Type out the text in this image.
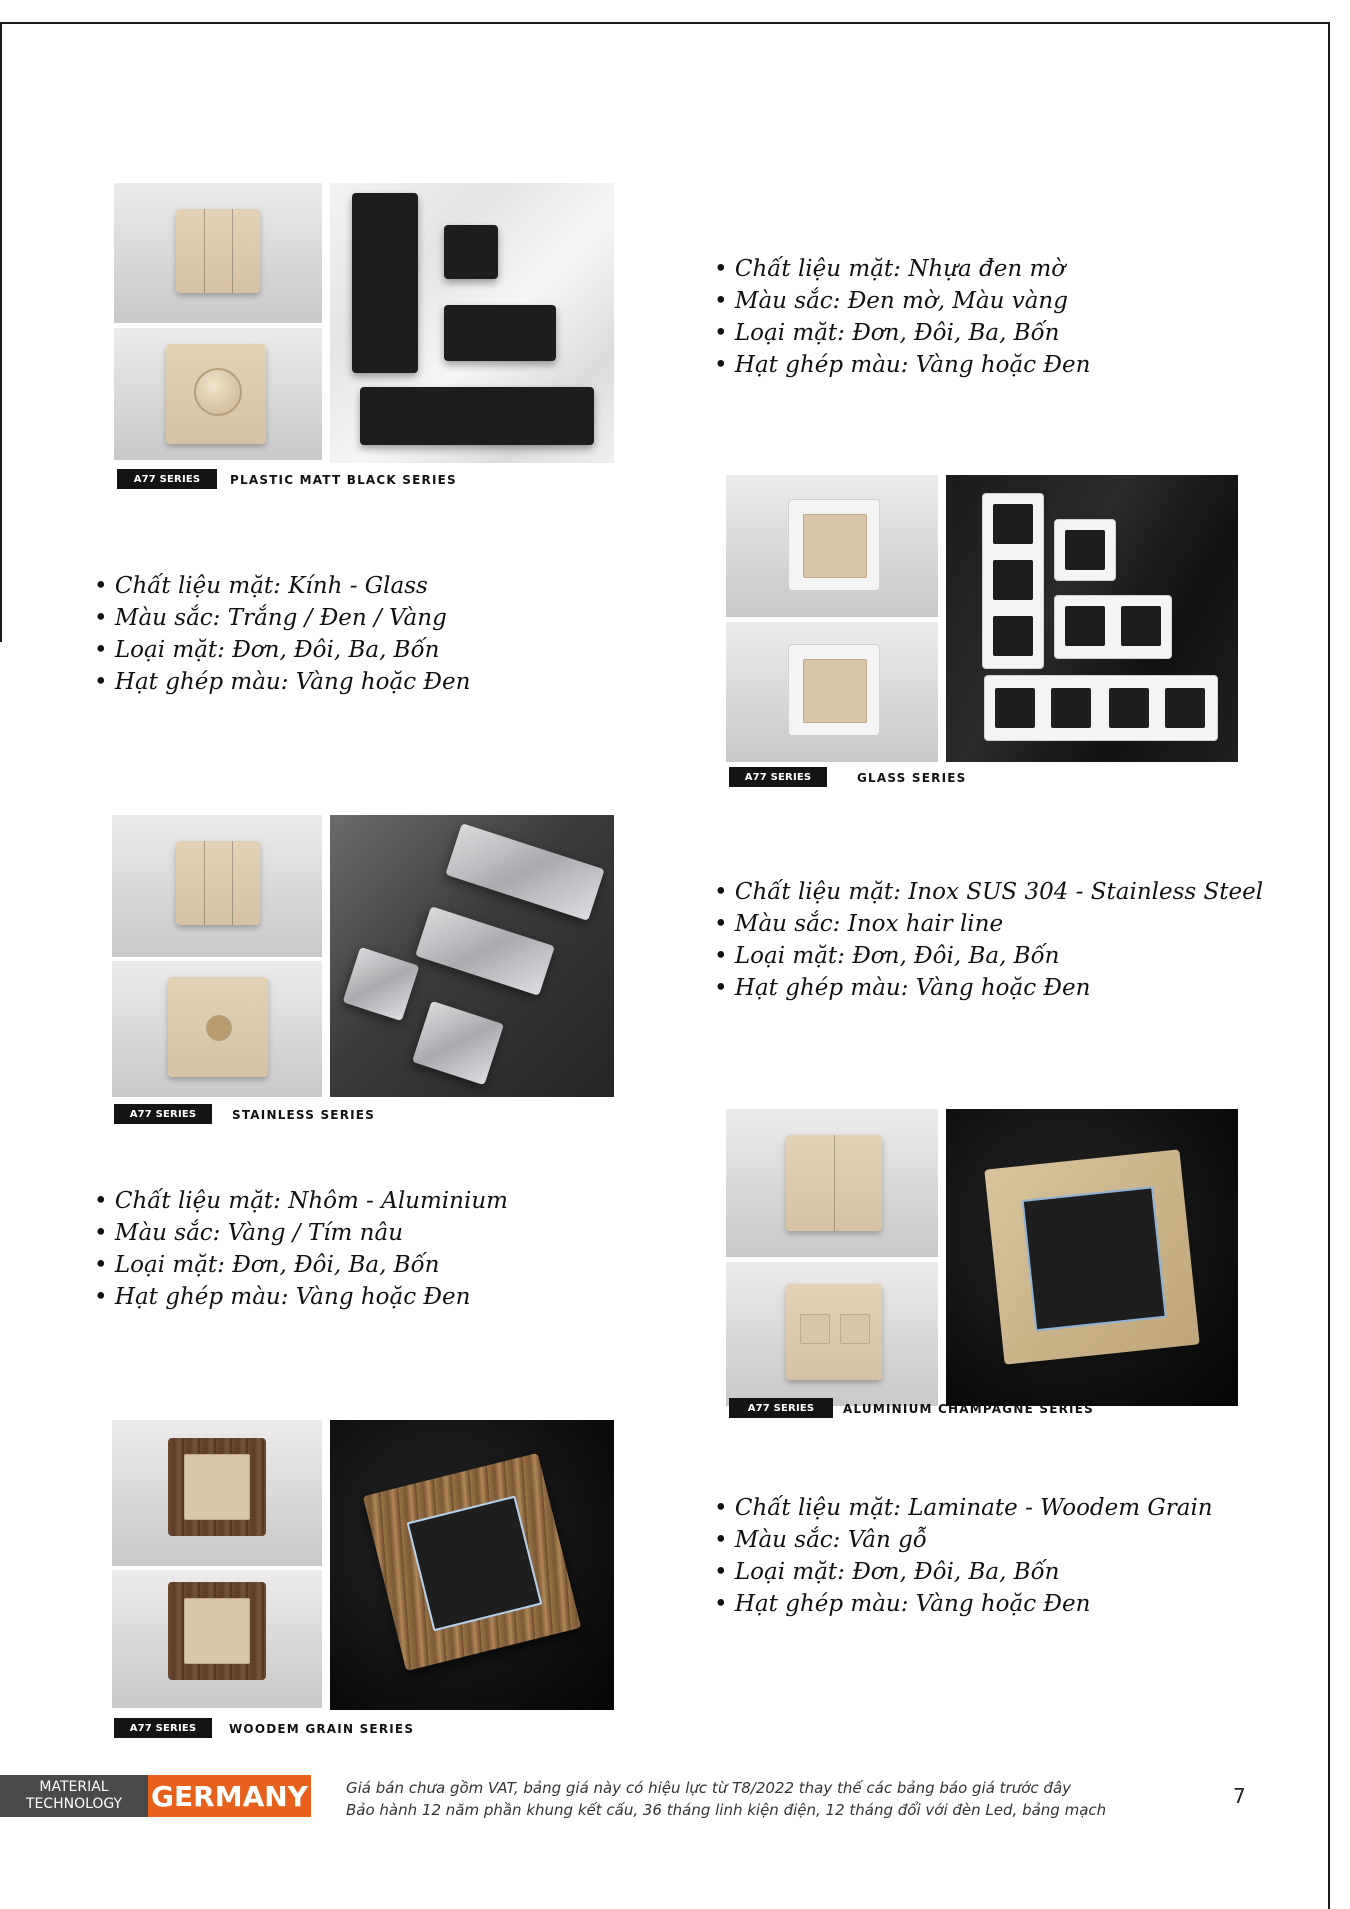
A77 SERIES	PLASTIC MATT BLACK SERIES
• Chất liệu mặt: Nhựa đen mờ
• Màu sắc: Đen mờ, Màu vàng
• Loại mặt: Đơn, Đôi, Ba, Bốn
• Hạt ghép màu: Vàng hoặc Đen
• Chất liệu mặt: Kính - Glass
• Màu sắc: Trắng / Đen / Vàng
• Loại mặt: Đơn, Đôi, Ba, Bốn
• Hạt ghép màu: Vàng hoặc Đen
A77 SERIES	GLASS SERIES
A77 SERIES	STAINLESS SERIES
• Chất liệu mặt: Inox SUS 304 - Stainless Steel
• Màu sắc: Inox hair line
• Loại mặt: Đơn, Đôi, Ba, Bốn
• Hạt ghép màu: Vàng hoặc Đen
• Chất liệu mặt: Nhôm - Aluminium
• Màu sắc: Vàng / Tím nâu
• Loại mặt: Đơn, Đôi, Ba, Bốn
• Hạt ghép màu: Vàng hoặc Đen
A77 SERIES	ALUMINIUM CHAMPAGNE SERIES
A77 SERIES	WOODEM GRAIN SERIES
• Chất liệu mặt: Laminate - Woodem Grain
• Màu sắc: Vân gỗ
• Loại mặt: Đơn, Đôi, Ba, Bốn
• Hạt ghép màu: Vàng hoặc Đen
MATERIAL
TECHNOLOGY GERMANY	Giá bán chưa gồm VAT, bảng giá này có hiệu lực từ T8/2022 thay thế các bảng báo giá trước đây
Bảo hành 12 năm phần khung kết cấu, 36 tháng linh kiện điện, 12 tháng đổi với đèn Led, bảng mạch
7
